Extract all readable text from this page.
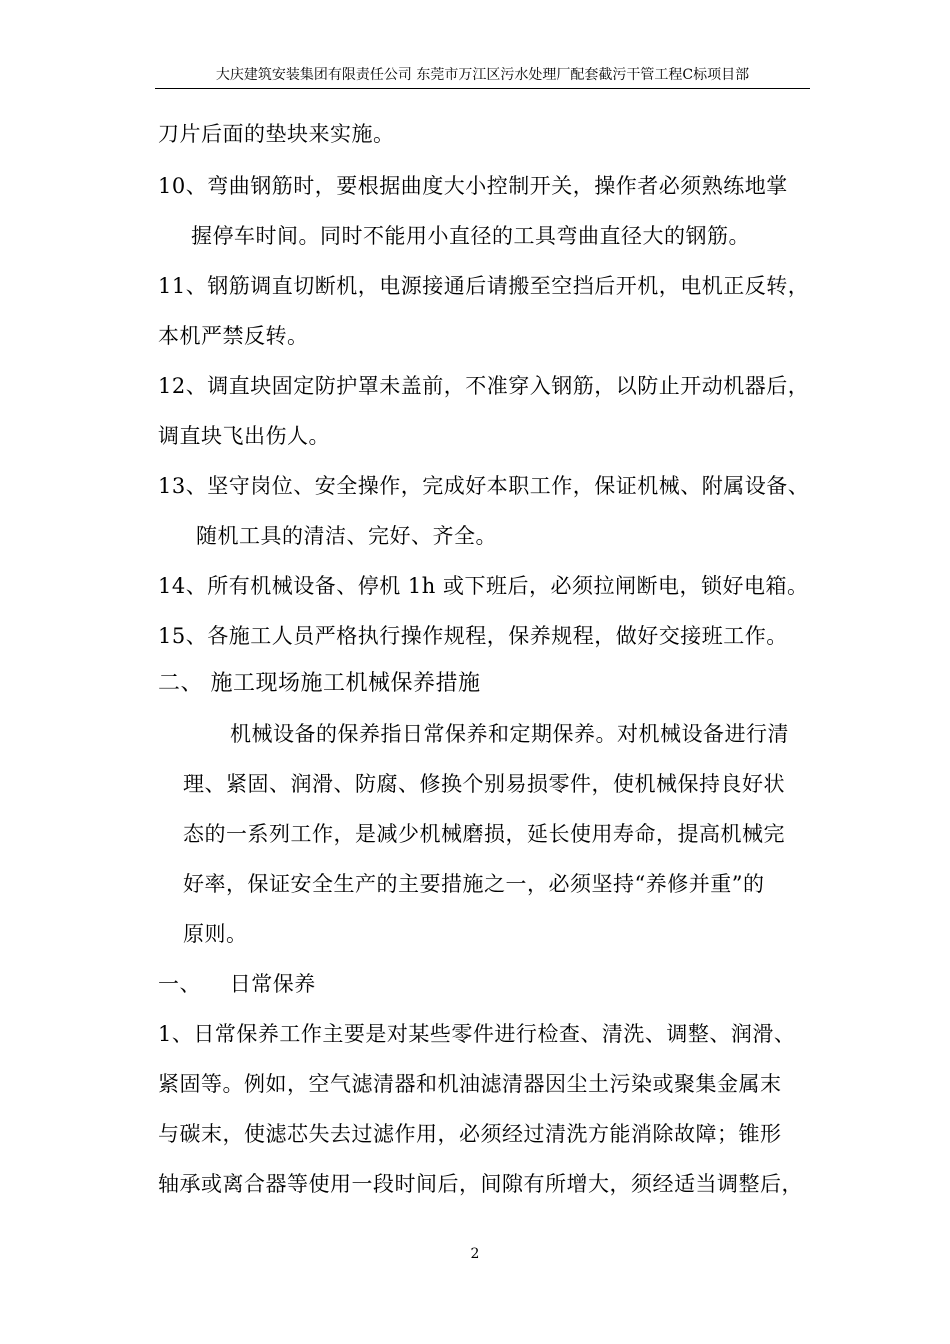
大庆建筑安装集团有限责任公司 东莞市万江区污水处理厂配套截污干管工程C标项目部
刀片后面的垫块来实施。
10、弯曲钢筋时，要根据曲度大小控制开关，操作者必须熟练地掌
握停车时间。同时不能用小直径的工具弯曲直径大的钢筋。
11、钢筋调直切断机，电源接通后请搬至空挡后开机，电机正反转，
本机严禁反转。
12、调直块固定防护罩未盖前，不准穿入钢筋，以防止开动机器后，
调直块飞出伤人。
13、坚守岗位、安全操作，完成好本职工作，保证机械、附属设备、
随机工具的清洁、完好、齐全。
14、所有机械设备、停机 1h 或下班后，必须拉闸断电，锁好电箱。
15、各施工人员严格执行操作规程，保养规程，做好交接班工作。
二、 施工现场施工机械保养措施
机械设备的保养指日常保养和定期保养。对机械设备进行清
理、紧固、润滑、防腐、修换个别易损零件，使机械保持良好状
态的一系列工作，是减少机械磨损，延长使用寿命，提高机械完
好率，保证安全生产的主要措施之一，必须坚持“养修并重”的
原则。
一、    日常保养
1、日常保养工作主要是对某些零件进行检查、清洗、调整、润滑、
紧固等。例如，空气滤清器和机油滤清器因尘土污染或聚集金属末
与碳末，使滤芯失去过滤作用，必须经过清洗方能消除故障；锥形
轴承或离合器等使用一段时间后，间隙有所增大，须经适当调整后，
2
